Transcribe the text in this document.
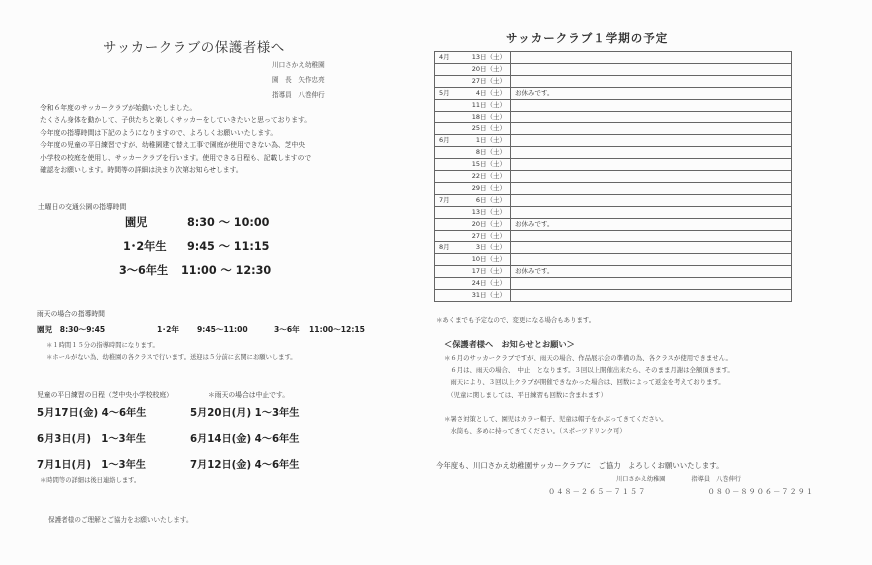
サッカークラブの保護者様へ
川口さかえ幼稚園
園　長　矢作忠亮
指導員　八巻伸行

令和６年度のサッカークラブが始動いたしました。

たくさん身体を動かして、子供たちと楽しくサッカーをしていきたいと思っております。

今年度の指導時間は下記のようになりますので、よろしくお願いいたします。

今年度の児童の平日練習ですが、幼稚園建て替え工事で園庭が使用できない為、芝中央

小学校の校庭を使用し、サッカークラブを行います。使用できる日程も、記載しますので

確認をお願いします。時間等の詳細は決まり次第お知らせします。

土曜日の交通公園の指導時間
園児	8:30 ～ 10:00
1･2年生 9:45 ～ 11:15
3～6年生 11:00 ～ 12:30
雨天の場合の指導時間
園児　8:30～9:45	1･2年 9:45～11:00	3～6年 11:00～12:15
＊１時間１５分の指導時間になります。
＊ホールがない為、幼稚園の各クラスで行います。送迎は５分前に玄関にお願いします。
児童の平日練習の日程（芝中央小学校校庭）	＊雨天の場合は中止です。
5月17日(金) 4～6年生	5月20日(月) 1～3年生
6月3日(月)　1～3年生	6月14日(金) 4～6年生
7月1日(月)　1～3年生	7月12日(金) 4～6年生
＊時間等の詳細は後日連絡します。
保護者様のご理解とご協力をお願いいたします。
サッカークラブ１学期の予定
4月 13日（土）	

20日（土）	

27日（土）	

5月 4日（土）	お休みです。

11日（土）	

18日（土）	

25日（土）	

6月 1日（土）	

8日（土）	

15日（土）	

22日（土）	

29日（土）	

7月 6日（土）	

13日（土）	

20日（土）	お休みです。

27日（土）	

8月 3日（土）	

10日（土）	

17日（土）	お休みです。

24日（土）	

31日（土）	

＊あくまでも予定なので、変更になる場合もあります。
＜保護者様へ　お知らせとお願い＞
＊６月のサッカークラブですが、雨天の場合、作品展示会の準備の為、各クラスが使用できません。
　６月は、雨天の場合、　中止　となります。３回以上開催出来たら、そのまま月謝は全額頂きます。
　雨天により、３回以上クラブが開催できなかった場合は、回数によって返金を考えております。
　（児童に関しましては、平日練習も回数に含まれます）
＊暑さ対策として、園児はカラー帽子、児童は帽子をかぶってきてください。
　水筒も、多めに持ってきてください。（スポーツドリンク可）
今年度も、川口さかえ幼稚園サッカークラブに　ご協力　よろしくお願いいたします。
川口さかえ幼稚園	指導員　八巻伸行
０４８－２６５－７１５７	０８０－８９０６－７２９１
